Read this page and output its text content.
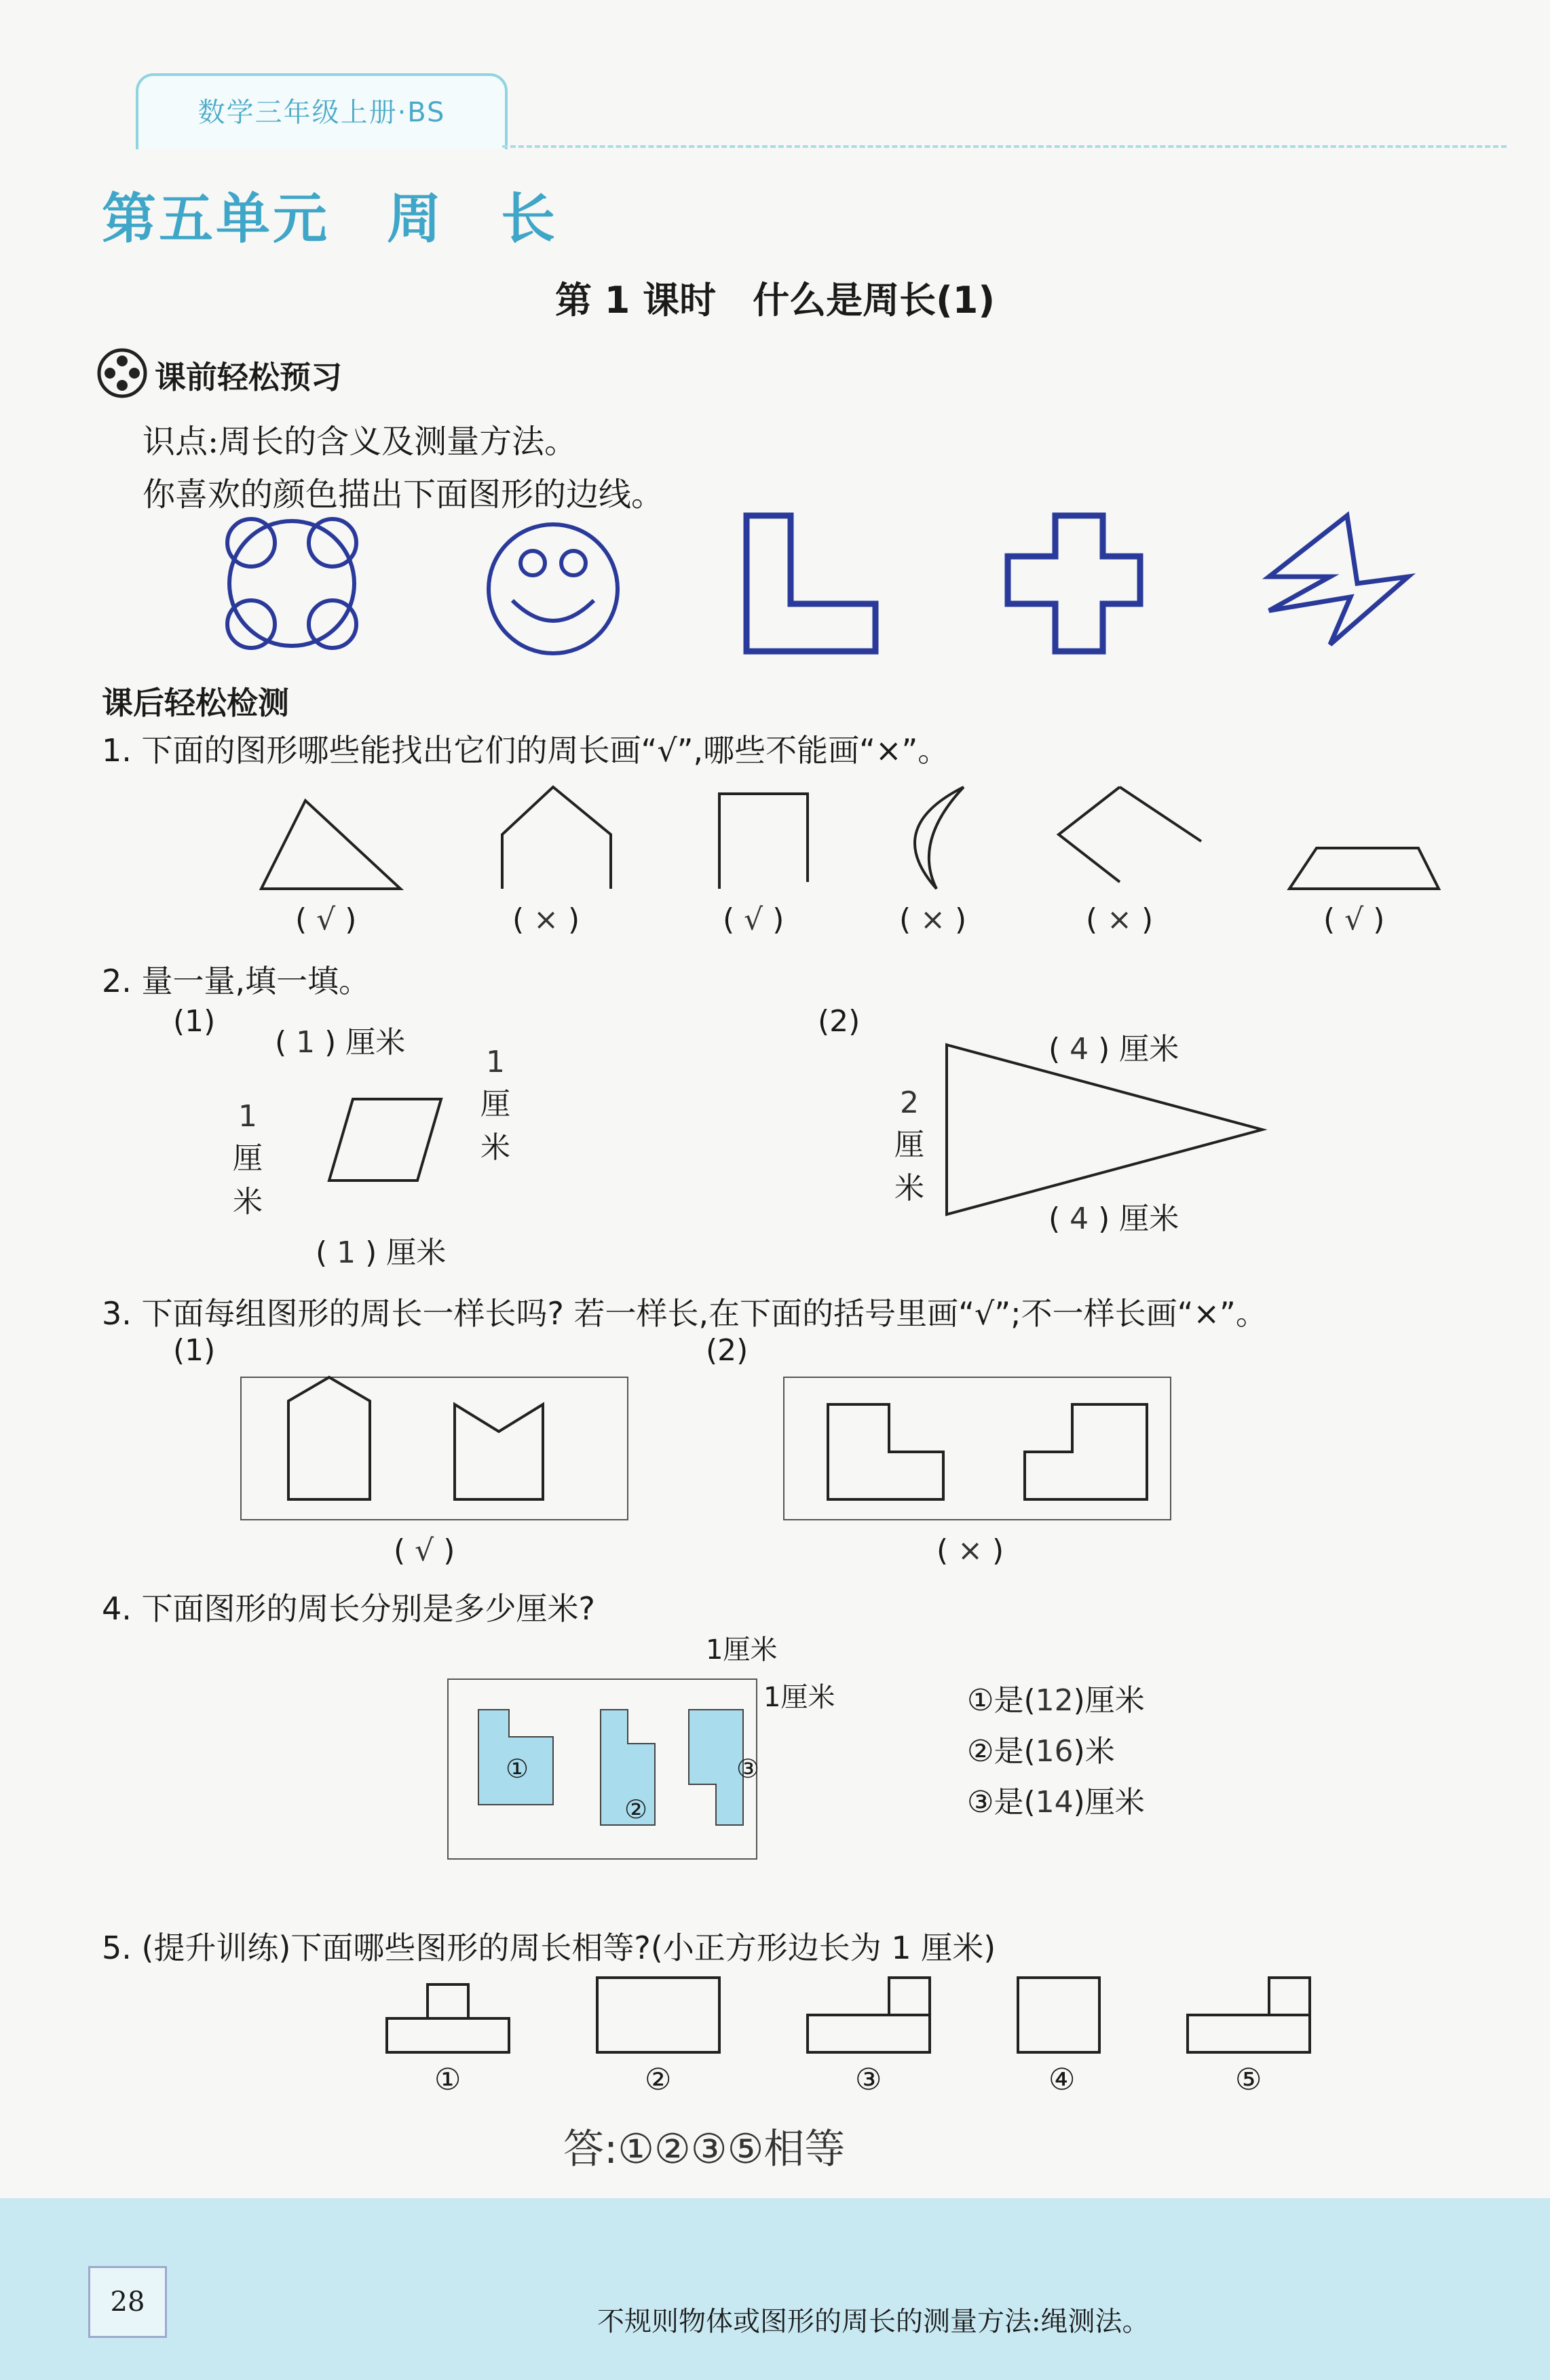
数学三年级上册·BS
第五单元　周　长
第 1 课时　什么是周长(1)
课前轻松预习
识点:周长的含义及测量方法。
你喜欢的颜色描出下面图形的边线。
课后轻松检测
1. 下面的图形哪些能找出它们的周长画“√”,哪些不能画“×”。
( √ )	( × )	( √ )	( × )	( × )	( √ )
2. 量一量,填一填。
(1)	(2)
( 1 ) 厘米
1
厘
米
1
厘
米
( 1 ) 厘米
( 4 ) 厘米
2
厘
米
( 4 ) 厘米
3. 下面每组图形的周长一样长吗? 若一样长,在下面的括号里画“√”;不一样长画“×”。
(1)	(2)
( √ )	( × )
4. 下面图形的周长分别是多少厘米?
1厘米
1厘米
①
②
③
①是(12)厘米
②是(16)米
③是(14)厘米
5. (提升训练)下面哪些图形的周长相等?(小正方形边长为 1 厘米)
①	②	③	④	⑤
答:①②③⑤相等
28
不规则物体或图形的周长的测量方法:绳测法。
